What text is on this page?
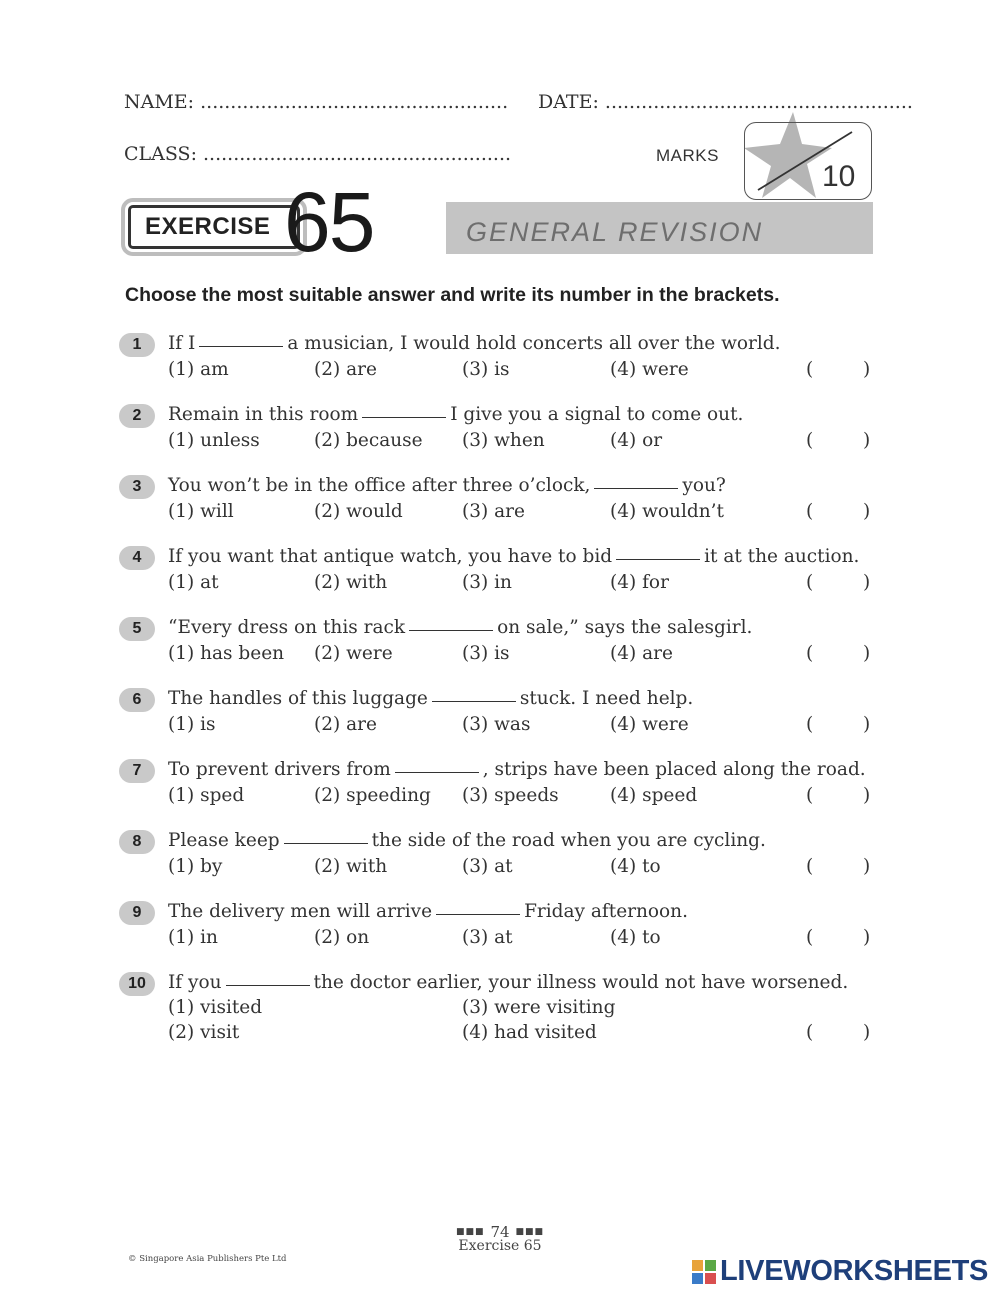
NAME: ................................................... DATE: ...................................................
CLASS: ...................................................	MARKS
10
GENERAL REVISION
EXERCISE 65
Choose the most suitable answer and write its number in the brackets.
1	If I	a musician, I would hold concerts all over the world.
(1) am	(2) are	(3) is	(4) were	(	)
2	Remain in this room	I give you a signal to come out.
(1) unless	(2) because (3) when	(4) or	(	)
3	You won’t be in the office after three o’clock,	you?
(1) will	(2) would	(3) are	(4) wouldn’t	(	)
4	If you want that antique watch, you have to bid	it at the auction.
(1) at	(2) with	(3) in	(4) for	(	)
5	“Every dress on this rack	on sale,” says the salesgirl.
(1) has been (2) were	(3) is	(4) are	(	)
6	The handles of this luggage	stuck. I need help.
(1) is	(2) are	(3) was	(4) were	(	)
7	To prevent drivers from	, strips have been placed along the road.
(1) sped	(2) speeding (3) speeds	(4) speed	(	)
8	Please keep	the side of the road when you are cycling.
(1) by	(2) with	(3) at	(4) to	(	)
9	The delivery men will arrive	Friday afternoon.
(1) in	(2) on	(3) at	(4) to	(	)
10	If you	the doctor earlier, your illness would not have worsened.
(1) visited	(3) were visiting
(2) visit	(4) had visited	(	)
■■■ 74 ■■■
Exercise 65
© Singapore Asia Publishers Pte Ltd	LIVEWORKSHEETS
